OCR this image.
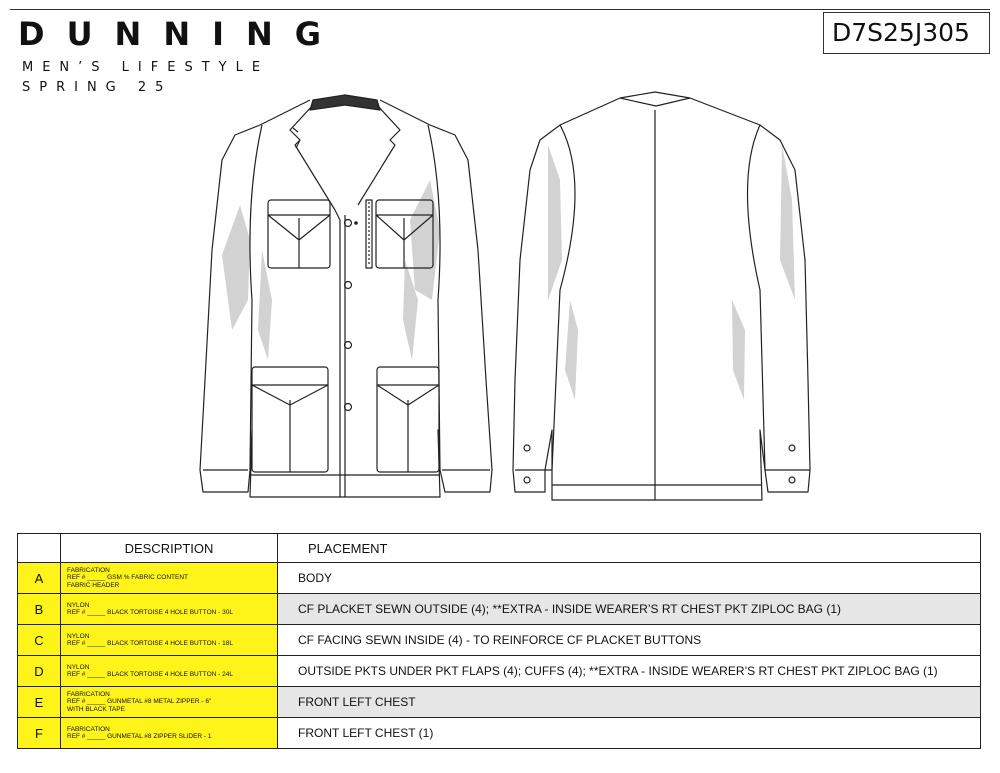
DUNNING
MEN’S LIFESTYLE
SPRING 25
D7S25J305
	DESCRIPTION	PLACEMENT
A	FABRICATION
REF # _____ GSM % FABRIC CONTENT
FABRIC HEADER	BODY
B	NYLON
REF # _____ BLACK TORTOISE 4 HOLE BUTTON - 30L	CF PLACKET SEWN OUTSIDE (4); **EXTRA - INSIDE WEARER’S RT CHEST PKT ZIPLOC BAG (1)
C	NYLON
REF # _____ BLACK TORTOISE 4 HOLE BUTTON - 18L	CF FACING SEWN INSIDE (4) - TO REINFORCE CF PLACKET BUTTONS
D	NYLON
REF # _____ BLACK TORTOISE 4 HOLE BUTTON - 24L	OUTSIDE PKTS UNDER PKT FLAPS (4); CUFFS (4); **EXTRA - INSIDE WEARER’S RT CHEST PKT ZIPLOC BAG (1)
E	FABRICATION
REF # _____ GUNMETAL #8 METAL ZIPPER - 6"
WITH BLACK TAPE	FRONT LEFT CHEST
F	FABRICATION
REF # _____ GUNMETAL #8 ZIPPER SLIDER - 1	FRONT LEFT CHEST (1)
